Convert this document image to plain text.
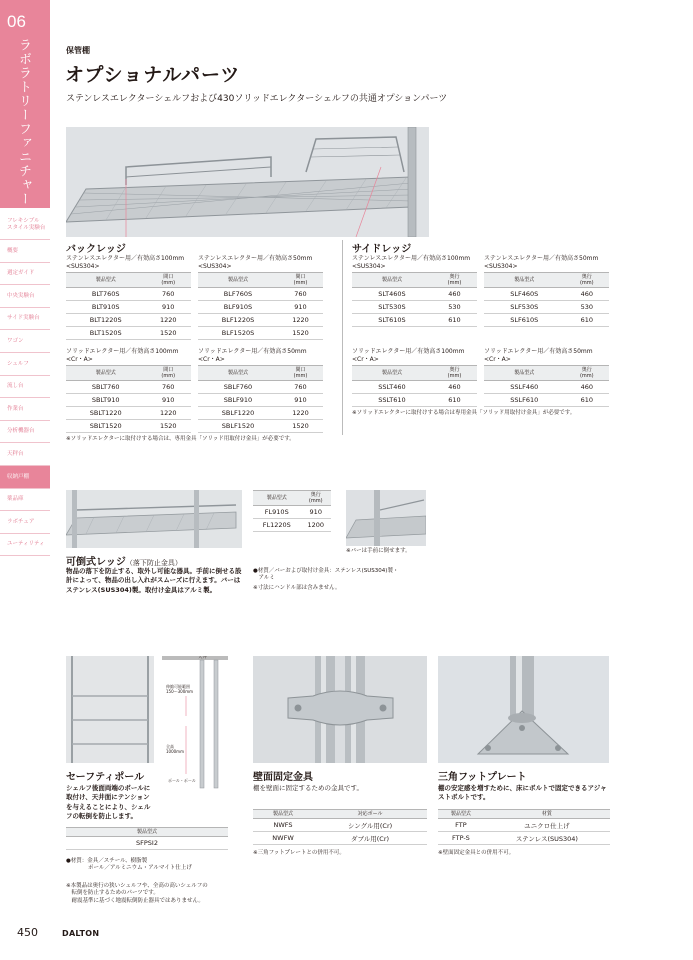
06
ラボラトリーファニチャー
フレキシブル
スタイル実験台
概要
週定ガイド
中央実験台
サイド実験台
ワゴン
シェルフ
流し台
作業台
分析機器台
天秤台
収納戸棚
薬品庫
ラボチェア
ユーティリティ
450	DALTON
保管棚
オプショナルパーツ
ステンレスエレクターシェルフおよび430ソリッドエレクターシェルフの共通オプションパーツ
バックレッジ
ステンレスエレクター用／有効高さ100mm
<SUS304>
製品型式	間口
(mm)
BLT760S	760
BLT910S	910
BLT1220S	1220
BLT1520S	1520
ステンレスエレクター用／有効高さ50mm
<SUS304>
製品型式	間口
(mm)
BLF760S	760
BLF910S	910
BLF1220S	1220
BLF1520S	1520
ソリッドエレクター用／有効高さ100mm
<Cr・A>
製品型式	間口
(mm)
SBLT760	760
SBLT910	910
SBLT1220	1220
SBLT1520	1520
ソリッドエレクター用／有効高さ50mm
<Cr・A>
製品型式	間口
(mm)
SBLF760	760
SBLF910	910
SBLF1220	1220
SBLF1520	1520
※ソリッドエレクターに取付けする場合は、専用金具「ソリッド用取付け金具」が必要です。
サイドレッジ
ステンレスエレクター用／有効高さ100mm
<SUS304>
製品型式	奥行
(mm)
SLT460S	460
SLT530S	530
SLT610S	610
ステンレスエレクター用／有効高さ50mm
<SUS304>
製品型式	奥行
(mm)
SLF460S	460
SLF530S	530
SLF610S	610
ソリッドエレクター用／有効高さ100mm
<Cr・A>
製品型式	奥行
(mm)
SSLT460	460
SSLT610	610
ソリッドエレクター用／有効高さ50mm
<Cr・A>
製品型式	奥行
(mm)
SSLF460	460
SSLF610	610
※ソリッドエレクターに取付けする場合は専用金具「ソリッド用取付け金具」が必要です。
製品型式	奥行
(mm)
FL910S	910
FL1220S	1200
※バーは手前に倒せます。
可倒式レッジ（落下防止金具）
物品の落下を防止する、取外し可能な器具。手前に倒せる設計によって、物品の出し入れがスムーズに行えます。バーはステンレス(SUS304)製。取付け金具はアルミ製。
●材質／バーおよび取付け金具：ステンレス(SUS304)製・
　アルミ
※寸法にハンドル部は含みません。
天井
伸縮可能範囲
150〜300mm
全高
1000mm
ポール・ポール
セーフティポール
シェルフ後面両端のポールに取付け、天井面にテンションを与えることにより、シェルフの転倒を防止します。
製品型式
SFPSI2
●材質：金具／スチール、樹脂製
　　　　ポール／アルミニウム・アルマイト仕上げ
※本製品は奥行の狭いシェルフや、全高の高いシェルフの
　転倒を防止するためのパーツです。
　耐震基準に基づく地震転倒防止器具ではありません。
壁面固定金具
棚を壁面に固定するための金具です。
製品型式	対応ポール
NWFS	シングル用(Cr)
NWFW	ダブル用(Cr)
※三角フットプレートとの併用不可。
三角フットプレート
棚の安定感を増すために、床にボルトで固定できるアジャストボルトです。
製品型式	材質
FTP	ユニクロ仕上げ
FTP-S	ステンレス(SUS304)
※壁面固定金具との併用不可。
